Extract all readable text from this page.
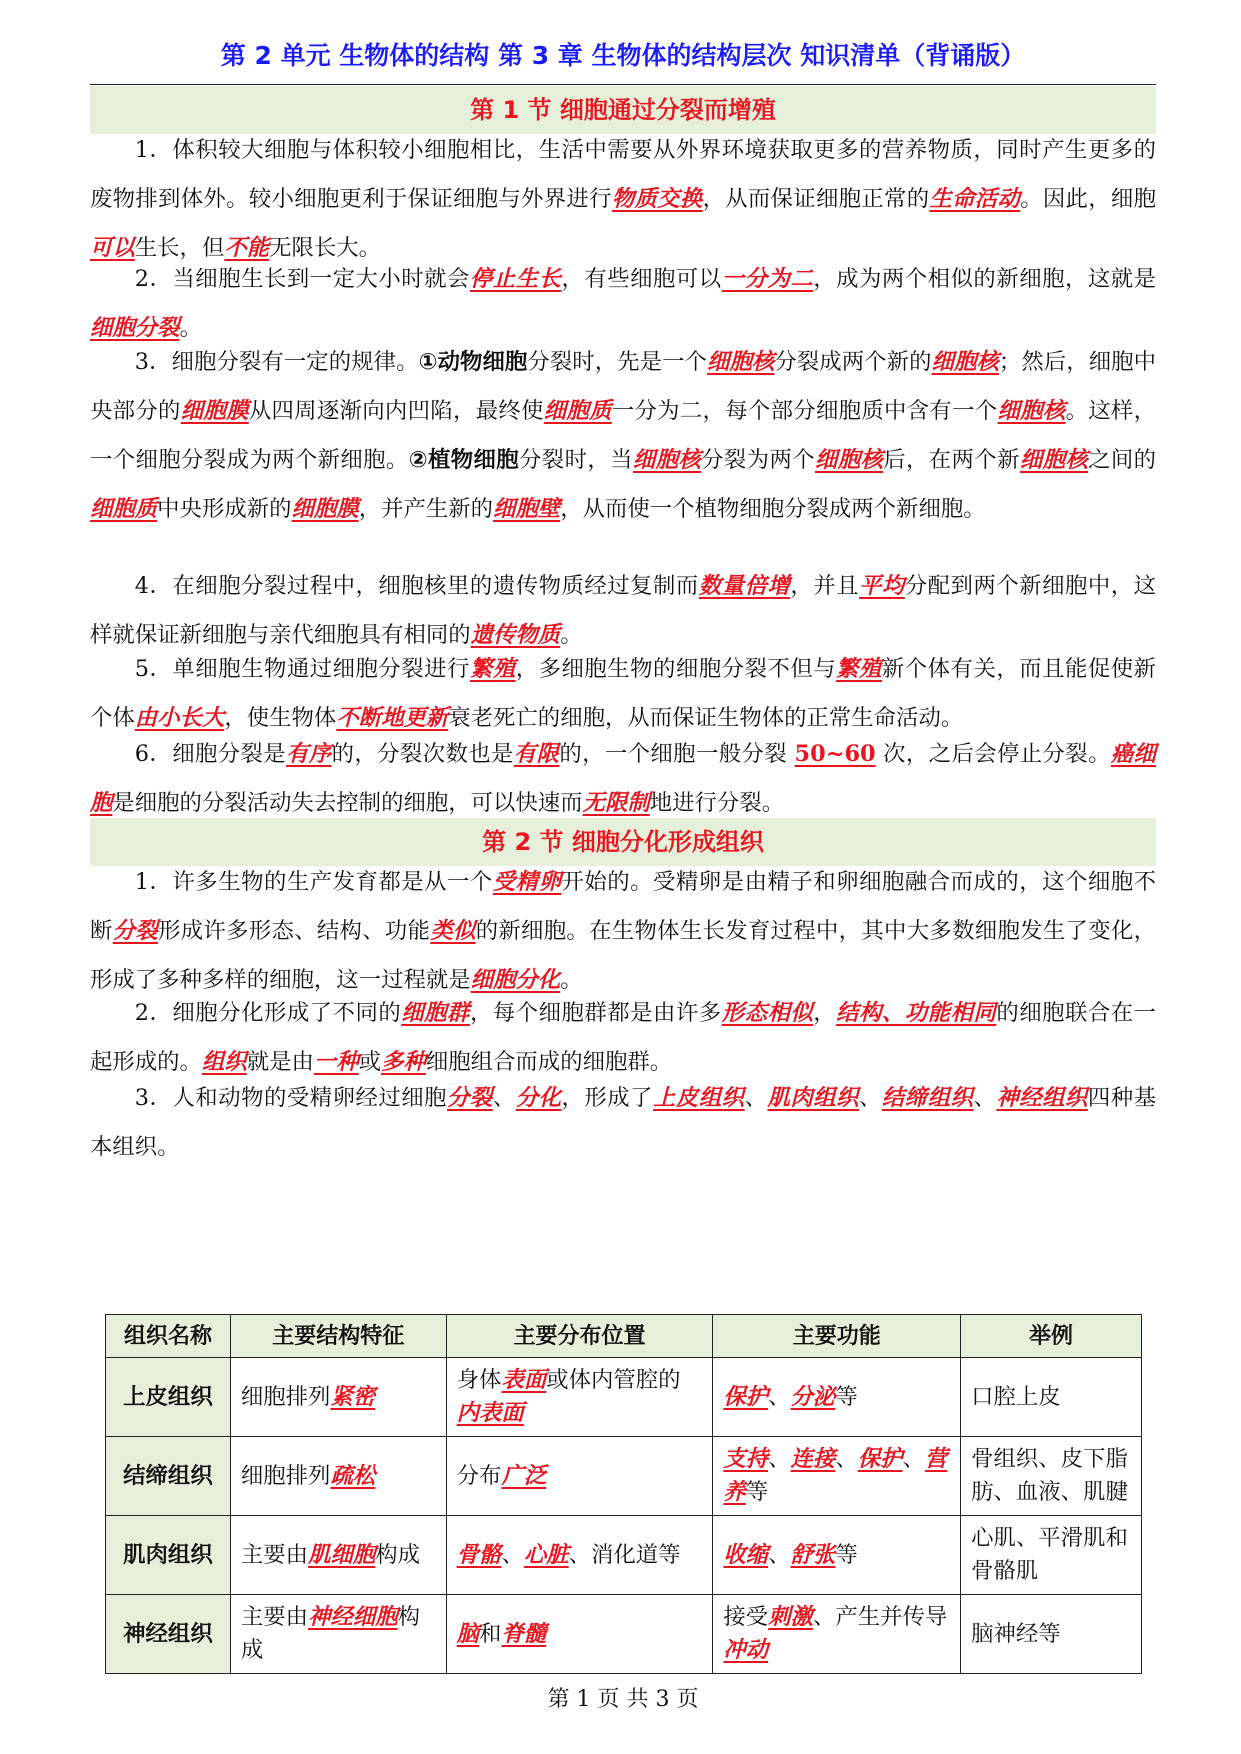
第 2 单元 生物体的结构 第 3 章 生物体的结构层次 知识清单（背诵版）
第 1 节 细胞通过分裂而增殖

1．体积较大细胞与体积较小细胞相比，生活中需要从外界环境获取更多的营养物质，同时产生更多的废物排到体外。较小细胞更利于保证细胞与外界进行物质交换，从而保证细胞正常的生命活动。因此，细胞可以生长，但不能无限长大。

2．当细胞生长到一定大小时就会停止生长，有些细胞可以一分为二，成为两个相似的新细胞，这就是细胞分裂。

3．细胞分裂有一定的规律。①动物细胞分裂时，先是一个细胞核分裂成两个新的细胞核；然后，细胞中央部分的细胞膜从四周逐渐向内凹陷，最终使细胞质一分为二，每个部分细胞质中含有一个细胞核。这样，一个细胞分裂成为两个新细胞。②植物细胞分裂时，当细胞核分裂为两个细胞核后，在两个新细胞核之间的细胞质中央形成新的细胞膜，并产生新的细胞壁，从而使一个植物细胞分裂成两个新细胞。

4．在细胞分裂过程中，细胞核里的遗传物质经过复制而数量倍增，并且平均分配到两个新细胞中，这样就保证新细胞与亲代细胞具有相同的遗传物质。

5．单细胞生物通过细胞分裂进行繁殖，多细胞生物的细胞分裂不但与繁殖新个体有关，而且能促使新个体由小长大，使生物体不断地更新衰老死亡的细胞，从而保证生物体的正常生命活动。

6．细胞分裂是有序的，分裂次数也是有限的，一个细胞一般分裂 50~60 次，之后会停止分裂。癌细胞是细胞的分裂活动失去控制的细胞，可以快速而无限制地进行分裂。

第 2 节 细胞分化形成组织

1．许多生物的生产发育都是从一个受精卵开始的。受精卵是由精子和卵细胞融合而成的，这个细胞不断分裂形成许多形态、结构、功能类似的新细胞。在生物体生长发育过程中，其中大多数细胞发生了变化，形成了多种多样的细胞，这一过程就是细胞分化。

2．细胞分化形成了不同的细胞群，每个细胞群都是由许多形态相似，结构、功能相同的细胞联合在一起形成的。组织就是由一种或多种细胞组合而成的细胞群。

3．人和动物的受精卵经过细胞分裂、分化，形成了上皮组织、肌肉组织、结缔组织、神经组织四种基本组织。

组织名称	主要结构特征	主要分布位置	主要功能	举例
上皮组织	细胞排列紧密	身体表面或体内管腔的内表面	保护、分泌等	口腔上皮
结缔组织	细胞排列疏松	分布广泛	支持、连接、保护、营养等	骨组织、皮下脂肪、血液、肌腱
肌肉组织	主要由肌细胞构成	骨骼、心脏、消化道等	收缩、舒张等	心肌、平滑肌和骨骼肌
神经组织	主要由神经细胞构成	脑和脊髓	接受刺激、产生并传导冲动	脑神经等
第 1 页 共 3 页
